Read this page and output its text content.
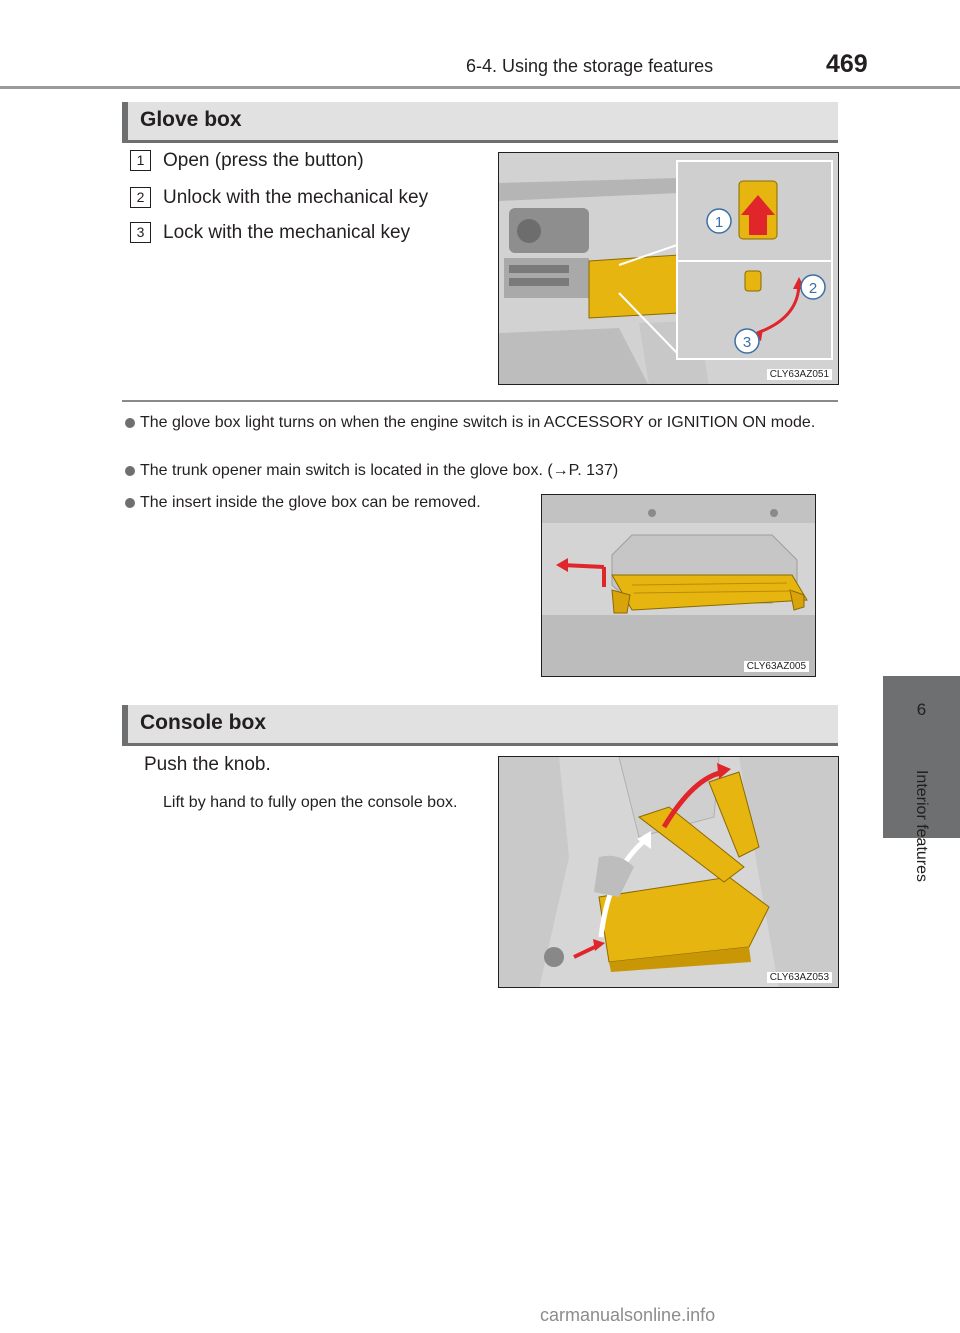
6-4. Using the storage features	469
6
Interior features
Glove box
1 Open (press the button)
2 Unlock with the mechanical key
3 Lock with the mechanical key	1
2
3
CLY63AZ051
The glove box light turns on when the engine switch is in ACCESSORY or IGNITION ON mode.
The trunk opener main switch is located in the glove box. (→P. 137)
The insert inside the glove box can be removed.
CLY63AZ005
Console box
Push the knob.
Lift by hand to fully open the console box.
CLY63AZ053
carmanualsonline.info
